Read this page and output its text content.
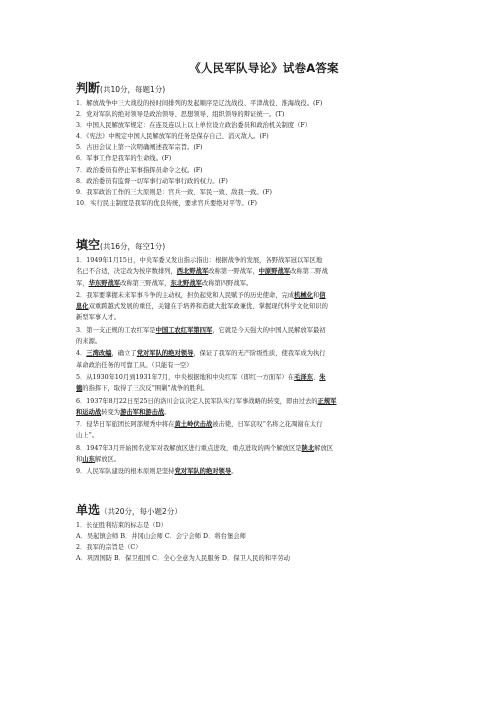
《人民军队导论》试卷A答案
判断(共10分，每题1分)
1．解放战争中三大战役的按时间排列的发起顺序是辽沈战役、平津战役、淮海战役。(F)
2．党对军队的绝对领导是政治领导、思想领导、组织领导的辩证统一。(T)
3．中国人民解放军规定：在连及连以上以上单位设立政治委员和政治机关制度（F）
4．《宪法》中规定中国人民解放军的任务是保存自己、消灭敌人。(F)
5．古田会议上第一次明确阐述我军宗旨。(F)
6．军事工作是我军的生命线。(F)
7．政治委员有停止军事指挥员命令之权。(F)
8．政治委员有监督一切军事行动军事行政的权力。(F)
9．我军政治工作的三大原则是：官兵一致、军民一致、敌我一致。(F)
10．实行民主制度是我军的优良传统，要求官兵要绝对平等。(F)
填空(共16分，每空1分)
1．1949年1月15日，中央军委又发出指示指出：根据战争的发展，各野战军冠以军区地
名已不合适，决定改为按序数排列，西北野战军改称第一野战军，中原野战军改称第二野战
军，华东野战军改称第三野战军，东北野战军改称第四野战军。
2．我军要掌握未来军事斗争的主动权，担负起党和人民赋予的历史使命，完成机械化和信
息化双重跨越式发展的重任，关键在于培养和造就大批军政兼优、掌握现代科学文化知识的
新型军事人才。
3．第一支正规的工农红军是中国工农红军第四军，它就是今天强大的中国人民解放军最初
的来源。
4．三湾改编，确立了党对军队的绝对领导，保证了我军的无产阶级性质，使我军成为执行
革命政治任务的可靠工具。（只能有一空）
5．从1930年10月到1931年7月，中央根据地和中央红军（即红一方面军）在毛泽东、朱
德的指挥下，取得了三次反“围剿”战争的胜利。
6．1937年8月22日至25日的洛川会议决定人民军队实行军事战略的转变，即由过去的正规军
和运动战转变为游击军和游击战。
7．侵华日军旅团长阿部规秀中将在黄土岭伏击战被击毙，日军哀叹“名将之花凋谢在太行
山上”。
8．1947年3月开始国名党军对我解放区进行重点进攻，重点进攻的两个解放区是陕北解放区
和山东解放区。
9．人民军队建设的根本原则是坚持党对军队的绝对领导。
单选（共20分，每小题2分）
1．长征胜利结束的标志是（D）
A．吴起镇会师 B．井冈山会师 C．会宁会师 D．将台堡会师
2．我军的宗旨是（C）
A．巩固国防 B．保卫祖国 C．全心全意为人民服务 D．保卫人民的和平劳动
